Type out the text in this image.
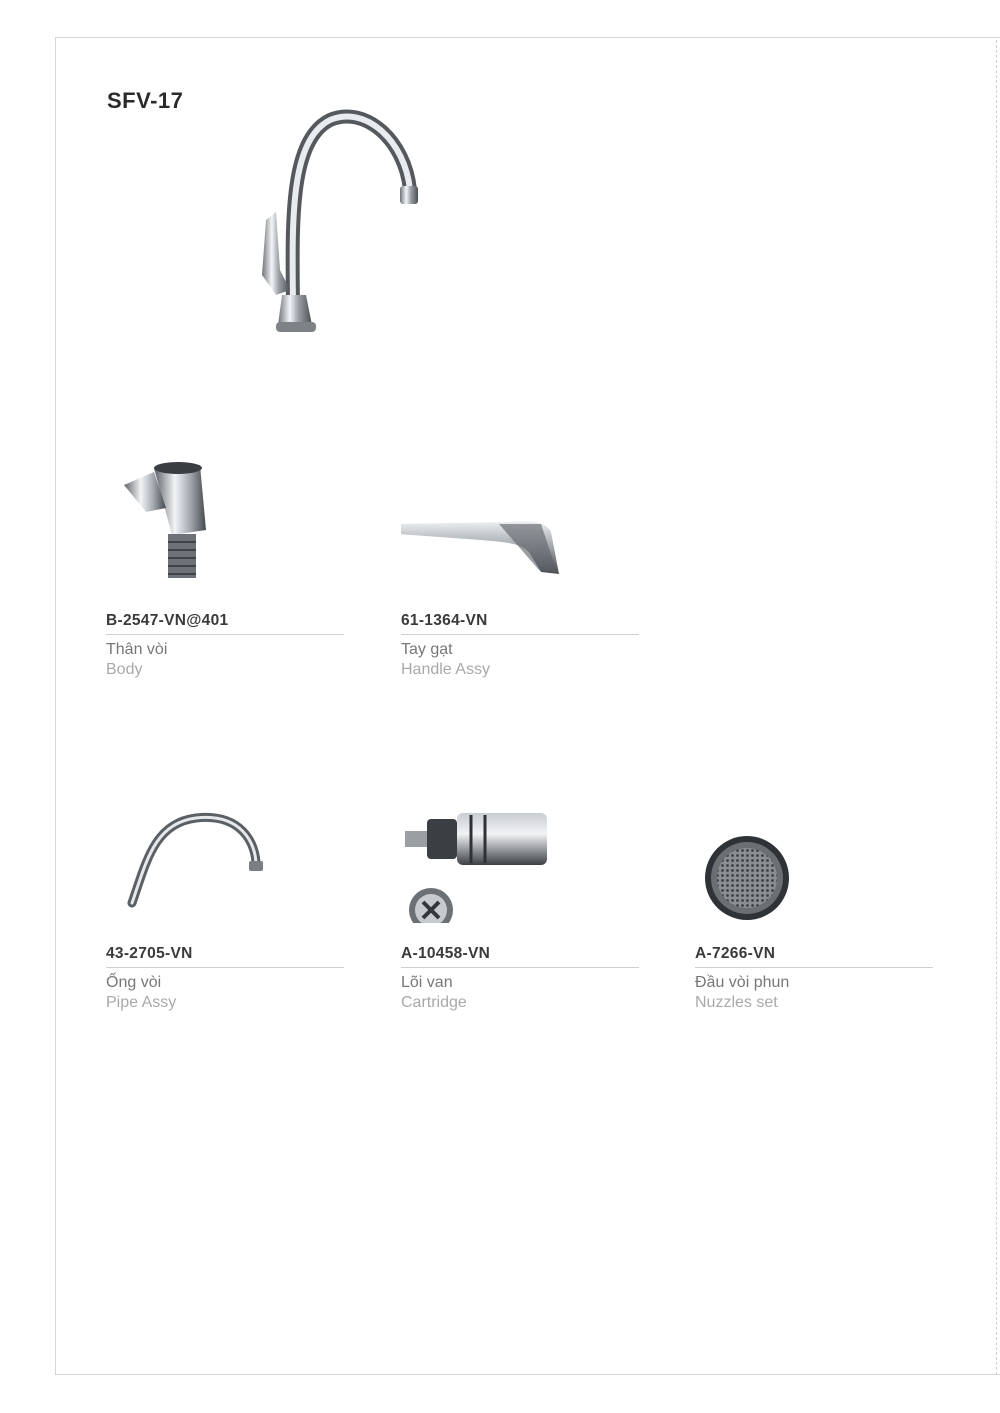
SFV-17
B-2547-VN@401
Thân vòi
Body
61-1364-VN
Tay gạt
Handle Assy
43-2705-VN
Ống vòi
Pipe Assy
A-10458-VN
Lõi van
Cartridge
A-7266-VN
Đầu vòi phun
Nuzzles set
